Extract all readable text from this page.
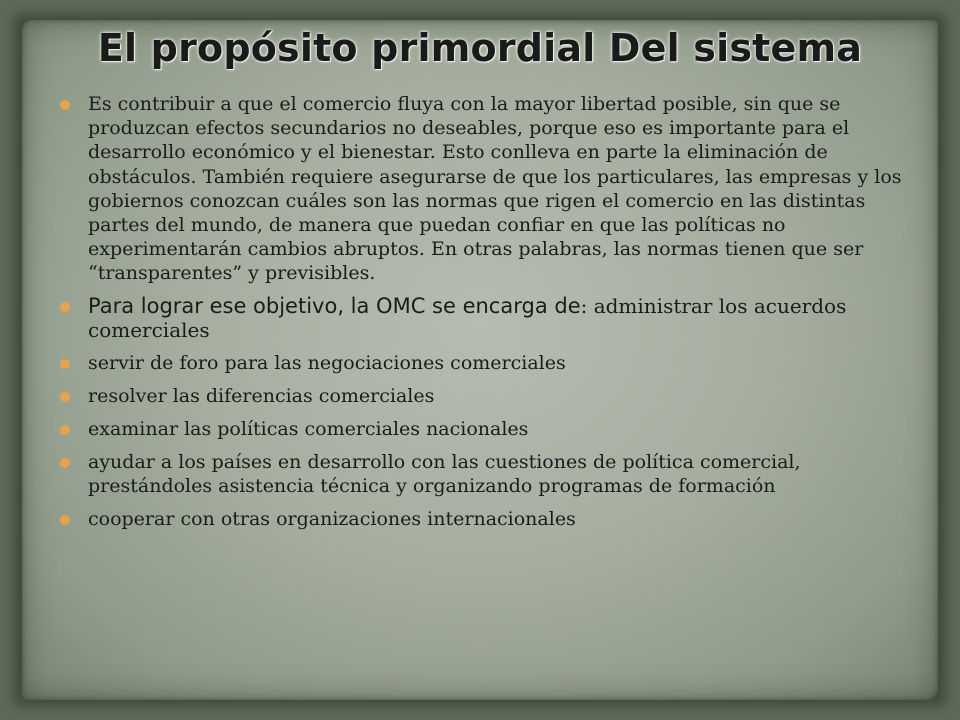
El propósito primordial Del sistema
Es contribuir a que el comercio fluya con la mayor libertad posible, sin que se produzcan efectos secundarios no deseables, porque eso es importante para el desarrollo económico y el bienestar. Esto conlleva en parte la eliminación de obstáculos. También requiere asegurarse de que los particulares, las empresas y los gobiernos conozcan cuáles son las normas que rigen el comercio en las distintas partes del mundo, de manera que puedan confiar en que las políticas no experimentarán cambios abruptos. En otras palabras, las normas tienen que ser “transparentes” y previsibles.
Para lograr ese objetivo, la OMC se encarga de: administrar los acuerdos comerciales
servir de foro para las negociaciones comerciales
resolver las diferencias comerciales
examinar las políticas comerciales nacionales
ayudar a los países en desarrollo con las cuestiones de política comercial, prestándoles asistencia técnica y organizando programas de formación
cooperar con otras organizaciones internacionales
